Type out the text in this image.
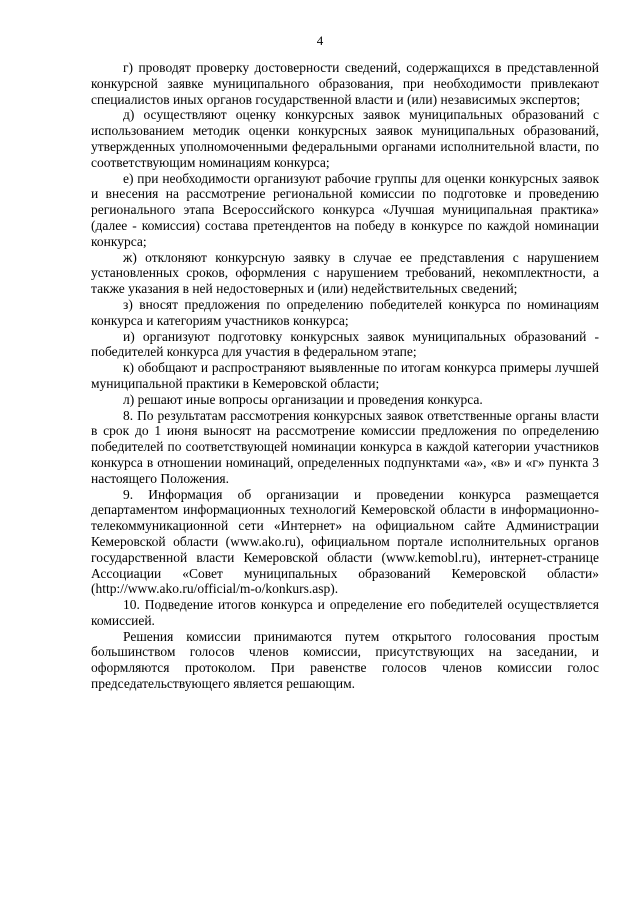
4

г) проводят проверку достоверности сведений, содержащихся в представленной конкурсной заявке муниципального образования, при необходимости привлекают специалистов иных органов государственной власти и (или) независимых экспертов;

д) осуществляют оценку конкурсных заявок муниципальных образований с использованием методик оценки конкурсных заявок муниципальных образований, утвержденных уполномоченными федеральными органами исполнительной власти, по соответствующим номинациям конкурса;

е) при необходимости организуют рабочие группы для оценки конкурсных заявок и внесения на рассмотрение региональной комиссии по подготовке и проведению регионального этапа Всероссийского конкурса «Лучшая муниципальная практика» (далее - комиссия) состава претендентов на победу в конкурсе по каждой номинации конкурса;

ж) отклоняют конкурсную заявку в случае ее представления с нарушением установленных сроков, оформления с нарушением требований, некомплектности, а также указания в ней недостоверных и (или) недействительных сведений;

з) вносят предложения по определению победителей конкурса по номинациям конкурса и категориям участников конкурса;

и) организуют подготовку конкурсных заявок муниципальных образований - победителей конкурса для участия в федеральном этапе;

к) обобщают и распространяют выявленные по итогам конкурса примеры лучшей муниципальной практики в Кемеровской области;

л) решают иные вопросы организации и проведения конкурса.

8. По результатам рассмотрения конкурсных заявок ответственные органы власти в срок до 1 июня выносят на рассмотрение комиссии предложения по определению победителей по соответствующей номинации конкурса в каждой категории участников конкурса в отношении номинаций, определенных подпунктами «а», «в» и «г» пункта 3 настоящего Положения.

9. Информация об организации и проведении конкурса размещается департаментом информационных технологий Кемеровской области в информационно-телекоммуникационной сети «Интернет» на официальном сайте Администрации Кемеровской области (www.ako.ru), официальном портале исполнительных органов государственной власти Кемеровской области (www.kemobl.ru), интернет-странице Ассоциации «Совет муниципальных образований Кемеровской области» (http://www.ako.ru/official/m-o/konkurs.asp).

10. Подведение итогов конкурса и определение его победителей осуществляется комиссией.

Решения комиссии принимаются путем открытого голосования простым большинством голосов членов комиссии, присутствующих на заседании, и оформляются протоколом. При равенстве голосов членов комиссии голос председательствующего является решающим.
